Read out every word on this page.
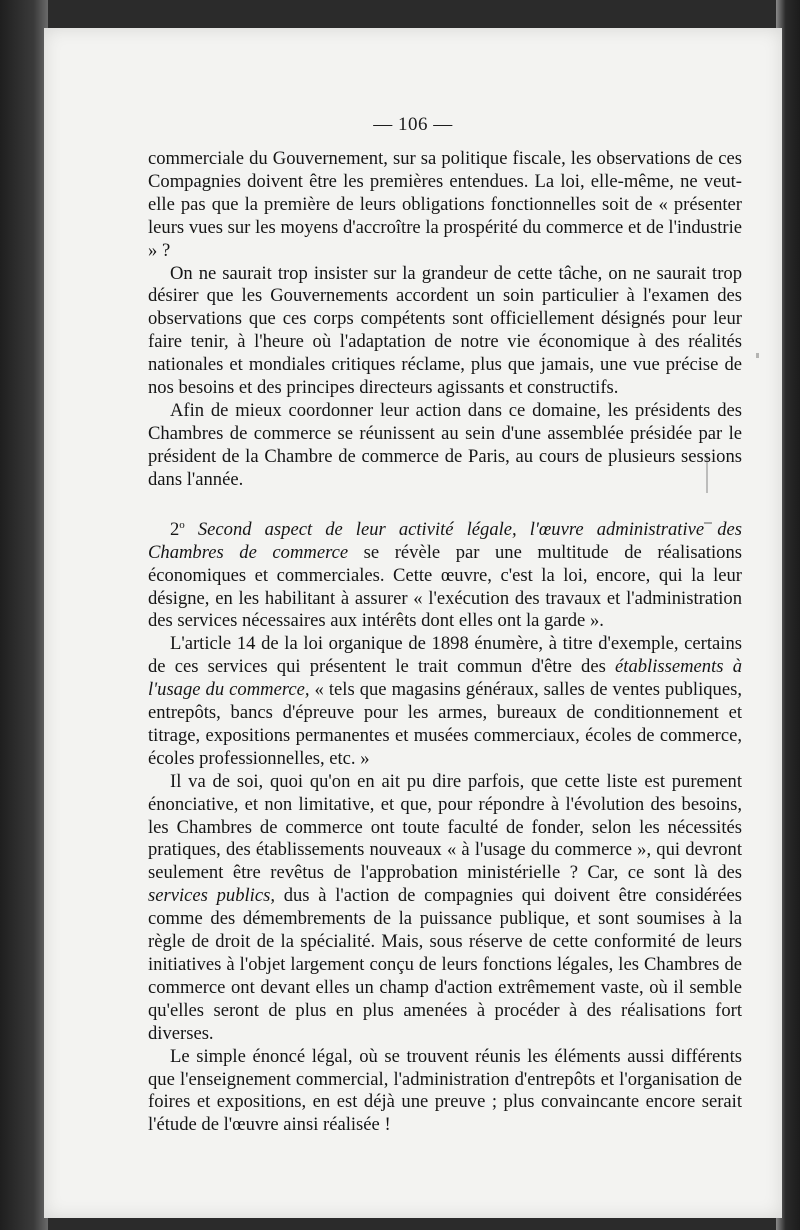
— 106 —

commerciale du Gouvernement, sur sa politique fiscale, les observations de ces Compagnies doivent être les premières entendues. La loi, elle-même, ne veut-elle pas que la première de leurs obligations fonctionnelles soit de « présenter leurs vues sur les moyens d'accroître la prospérité du commerce et de l'industrie » ?

On ne saurait trop insister sur la grandeur de cette tâche, on ne saurait trop désirer que les Gouvernements accordent un soin particulier à l'examen des observations que ces corps compétents sont officiellement désignés pour leur faire tenir, à l'heure où l'adaptation de notre vie économique à des réalités nationales et mondiales critiques réclame, plus que jamais, une vue précise de nos besoins et des principes directeurs agissants et constructifs.

Afin de mieux coordonner leur action dans ce domaine, les présidents des Chambres de commerce se réunissent au sein d'une assemblée présidée par le président de la Chambre de commerce de Paris, au cours de plusieurs sessions dans l'année.

2$^o$ Second aspect de leur activité légale, l'œuvre administrative des Chambres de commerce se révèle par une multitude de réalisations économiques et commerciales. Cette œuvre, c'est la loi, encore, qui la leur désigne, en les habilitant à assurer « l'exécution des travaux et l'administration des services nécessaires aux intérêts dont elles ont la garde ».

L'article 14 de la loi organique de 1898 énumère, à titre d'exemple, certains de ces services qui présentent le trait commun d'être des établissements à l'usage du commerce, « tels que magasins généraux, salles de ventes publiques, entrepôts, bancs d'épreuve pour les armes, bureaux de conditionnement et titrage, expositions permanentes et musées commerciaux, écoles de commerce, écoles professionnelles, etc. »

Il va de soi, quoi qu'on en ait pu dire parfois, que cette liste est purement énonciative, et non limitative, et que, pour répondre à l'évolution des besoins, les Chambres de commerce ont toute faculté de fonder, selon les nécessités pratiques, des établissements nouveaux « à l'usage du commerce », qui devront seulement être revêtus de l'approbation ministérielle ? Car, ce sont là des services publics, dus à l'action de compagnies qui doivent être considérées comme des démembrements de la puissance publique, et sont soumises à la règle de droit de la spécialité. Mais, sous réserve de cette conformité de leurs initiatives à l'objet largement conçu de leurs fonctions légales, les Chambres de commerce ont devant elles un champ d'action extrêmement vaste, où il semble qu'elles seront de plus en plus amenées à procéder à des réalisations fort diverses.

Le simple énoncé légal, où se trouvent réunis les éléments aussi différents que l'enseignement commercial, l'administration d'entrepôts et l'organisation de foires et expositions, en est déjà une preuve ; plus convaincante encore serait l'étude de l'œuvre ainsi réalisée !
